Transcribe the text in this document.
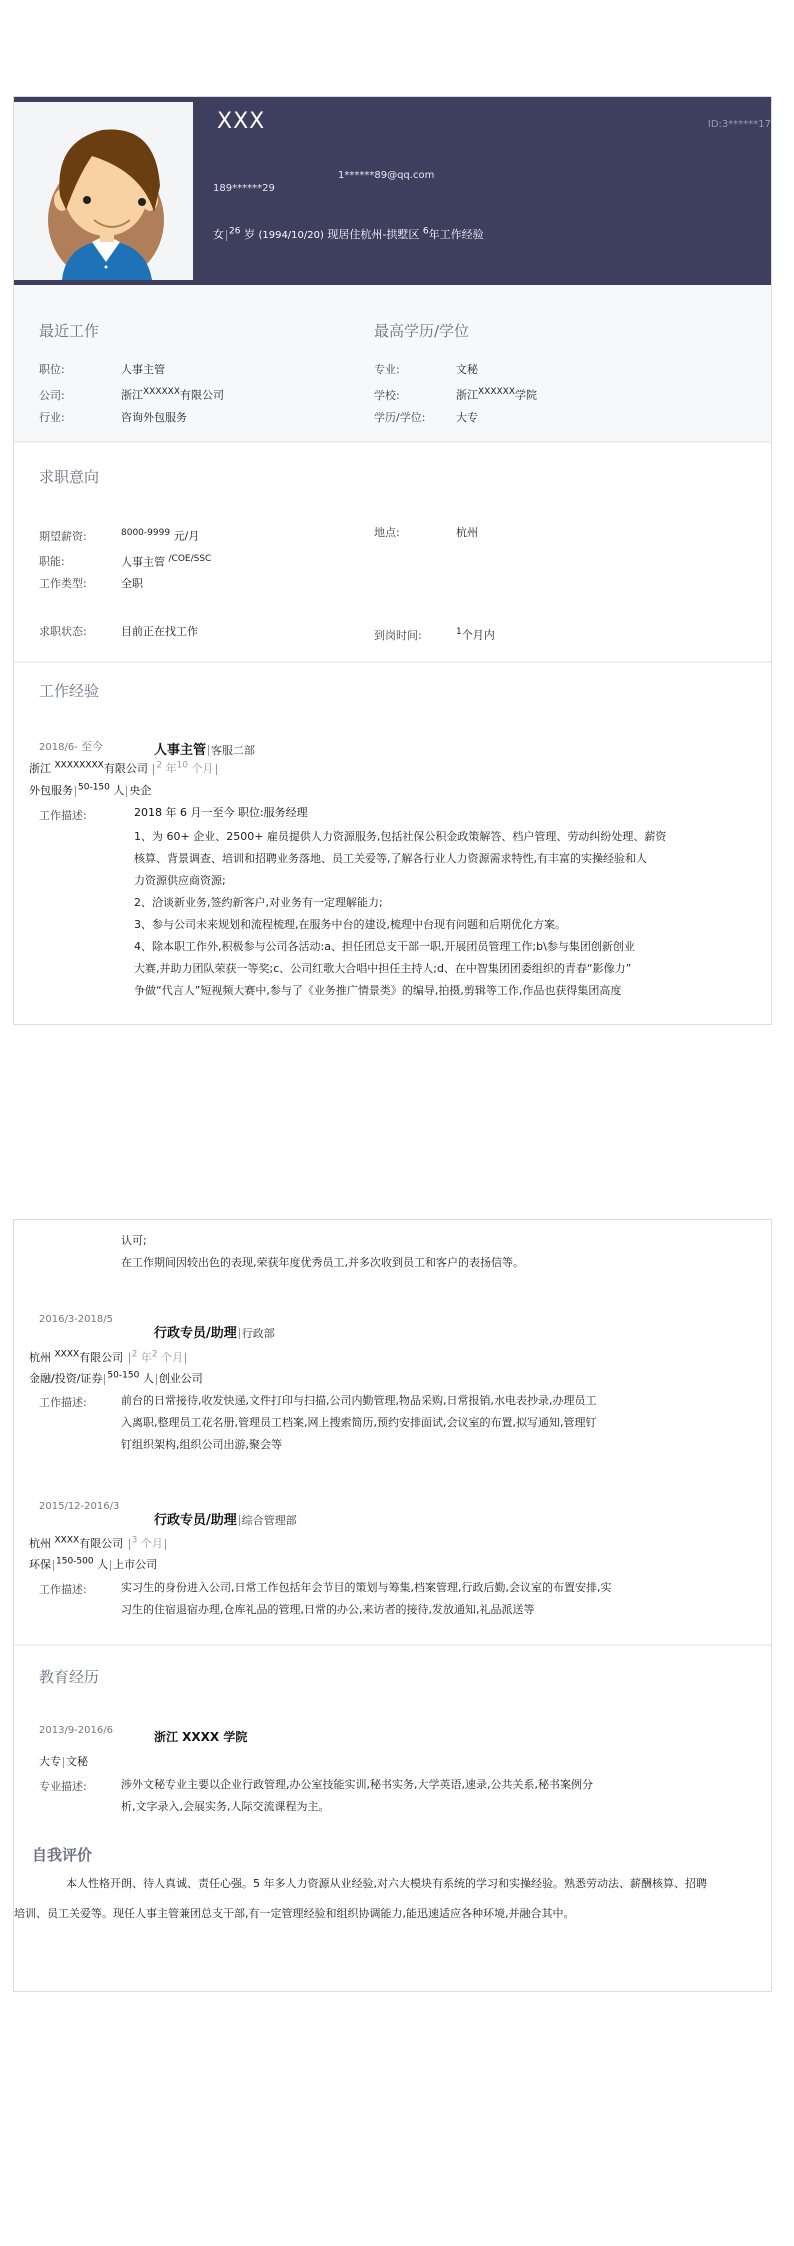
XXX	ID:3******17
1******89@qq.com
189******29
女 $^{26}$ 岁 (1994/10/20) 现居住杭州-拱墅区 $^6$年工作经验
最近工作
职位:	人事主管
公司:	浙江$^{XXXXXX}$有限公司
行业:	咨询外包服务
最高学历/学位
专业:	文秘
学校:	浙江$^{XXXXXX}$学院
学历/学位:	大专
求职意向
期望薪资:	$^{8000-9999}$ 元/月
职能:	人事主管 $^{/COE/SSC}$
工作类型:	全职
地点:	杭州
求职状态:	目前正在找工作	到岗时间:	$^1$个月内
工作经验
2018/6- 至今	人事主管 客服二部
浙江 $^{XXXXXXXX}$有限公司 $^2$ 年$^{10}$ 个月
外包服务 $^{50-150}$ 人 央企
工作描述:	2018 年 6 月一至今 职位:服务经理

1、为 60+ 企业、2500+ 雇员提供人力资源服务,包括社保公积金政策解答、档户管理、劳动纠纷处理、薪资

核算、背景调查、培训和招聘业务落地、员工关爱等,了解各行业人力资源需求特性,有丰富的实操经验和人

力资源供应商资源;

2、洽谈新业务,签约新客户,对业务有一定理解能力;

3、参与公司未来规划和流程梳理,在服务中台的建设,梳理中台现有问题和后期优化方案。

4、除本职工作外,积极参与公司各活动:a、担任团总支干部一职,开展团员管理工作;b\参与集团创新创业

大赛,并助力团队荣获一等奖;c、公司红歌大合唱中担任主持人;d、在中智集团团委组织的青春“影像力”

争做“代言人”短视频大赛中,参与了《业务推广情景类》的编导,拍摄,剪辑等工作,作品也获得集团高度

认可;

在工作期间因较出色的表现,荣获年度优秀员工,并多次收到员工和客户的表扬信等。

2016/3-2018/5
行政专员/助理 行政部
杭州 $^{XXXX}$有限公司 $^2$ 年$^2$ 个月
金融/投资/证券 $^{50-150}$ 人 创业公司
工作描述:	前台的日常接待,收发快递,文件打印与扫描,公司内勤管理,物品采购,日常报销,水电表抄录,办理员工

入离职,整理员工花名册,管理员工档案,网上搜索简历,预约安排面试,会议室的布置,拟写通知,管理钉

钉组织架构,组织公司出游,聚会等

2015/12-2016/3
行政专员/助理 综合管理部
杭州 $^{XXXX}$有限公司 $^3$ 个月
环保 $^{150-500}$ 人 上市公司
工作描述:	实习生的身份进入公司,日常工作包括年会节目的策划与筹集,档案管理,行政后勤,会议室的布置安排,实

习生的住宿退宿办理,仓库礼品的管理,日常的办公,来访者的接待,发放通知,礼品派送等

教育经历
2013/9-2016/6	浙江 XXXX 学院
大专 文秘
专业描述:	涉外文秘专业主要以企业行政管理,办公室技能实训,秘书实务,大学英语,速录,公共关系,秘书案例分

析,文字录入,会展实务,人际交流课程为主。

自我评价
本人性格开朗、待人真诚、责任心强。5 年多人力资源从业经验,对六大模块有系统的学习和实操经验。熟悉劳动法、薪酬核算、招聘
培训、员工关爱等。现任人事主管兼团总支干部,有一定管理经验和组织协调能力,能迅速适应各种环境,并融合其中。
